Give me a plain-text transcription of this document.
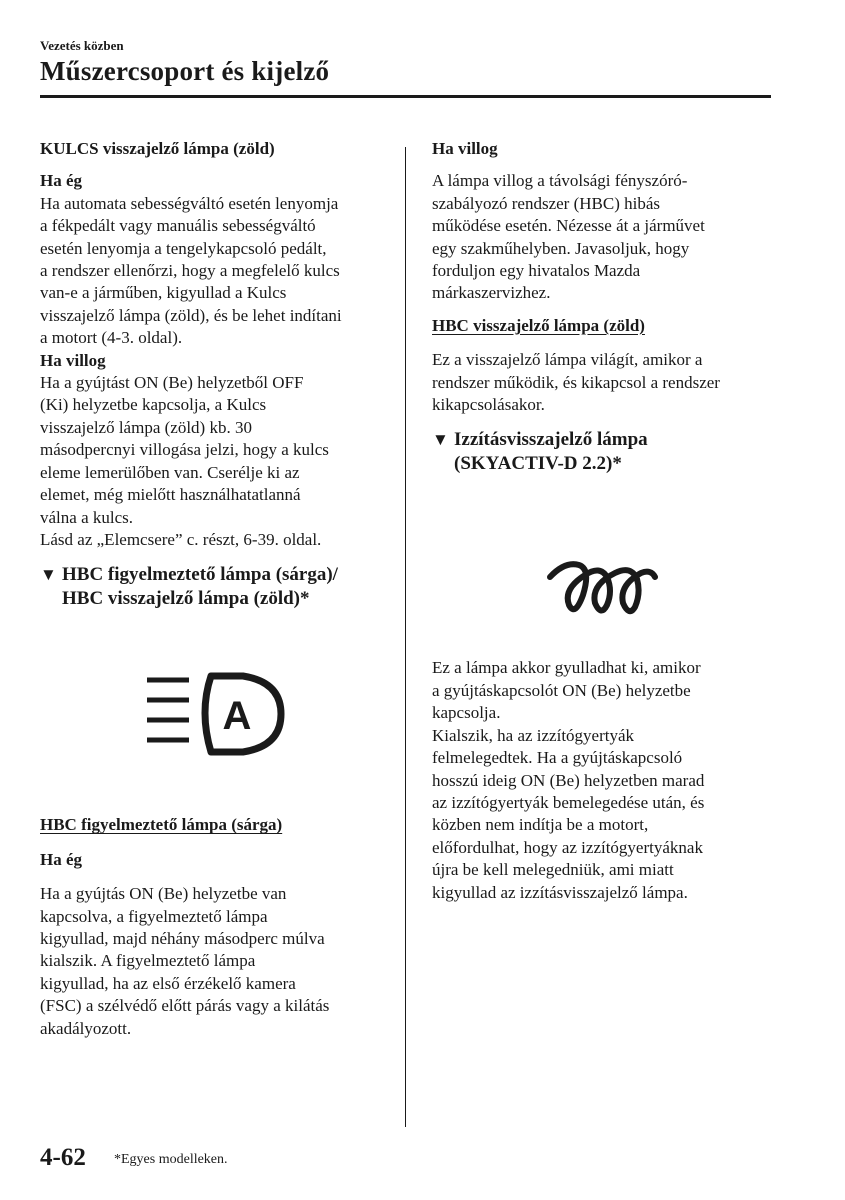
Vezetés közben
Műszercsoport és kijelző
KULCS visszajelző lámpa (zöld)
Ha ég
Ha automata sebességváltó esetén lenyomja
a fékpedált vagy manuális sebességváltó
esetén lenyomja a tengelykapcsoló pedált,
a rendszer ellenőrzi, hogy a megfelelő kulcs
van-e a járműben, kigyullad a Kulcs
visszajelző lámpa (zöld), és be lehet indítani
a motort (4-3. oldal).
Ha villog
Ha a gyújtást ON (Be) helyzetből OFF
(Ki) helyzetbe kapcsolja, a Kulcs
visszajelző lámpa (zöld) kb. 30
másodpercnyi villogása jelzi, hogy a kulcs
eleme lemerülőben van. Cserélje ki az
elemet, még mielőtt használhatatlanná
válna a kulcs.
Lásd az „Elemcsere” c. részt, 6-39. oldal.
▼ HBC figyelmeztető lámpa (sárga)/
HBC visszajelző lámpa (zöld)*
HBC figyelmeztető lámpa (sárga)
Ha ég
Ha a gyújtás ON (Be) helyzetbe van
kapcsolva, a figyelmeztető lámpa
kigyullad, majd néhány másodperc múlva
kialszik. A figyelmeztető lámpa
kigyullad, ha az első érzékelő kamera
(FSC) a szélvédő előtt párás vagy a kilátás
akadályozott.
A
Ha villog
A lámpa villog a távolsági fényszóró-
szabályozó rendszer (HBC) hibás
működése esetén. Nézesse át a járművet
egy szakműhelyben. Javasoljuk, hogy
forduljon egy hivatalos Mazda
márkaszervizhez.
HBC visszajelző lámpa (zöld)
Ez a visszajelző lámpa világít, amikor a
rendszer működik, és kikapcsol a rendszer
kikapcsolásakor.
▼ Izzításvisszajelző lámpa
(SKYACTIV-D 2.2)*
Ez a lámpa akkor gyulladhat ki, amikor
a gyújtáskapcsolót ON (Be) helyzetbe
kapcsolja.
Kialszik, ha az izzítógyertyák
felmelegedtek. Ha a gyújtáskapcsoló
hosszú ideig ON (Be) helyzetben marad
az izzítógyertyák bemelegedése után, és
közben nem indítja be a motort,
előfordulhat, hogy az izzítógyertyáknak
újra be kell melegedniük, ami miatt
kigyullad az izzításvisszajelző lámpa.
4-62 *Egyes modelleken.
